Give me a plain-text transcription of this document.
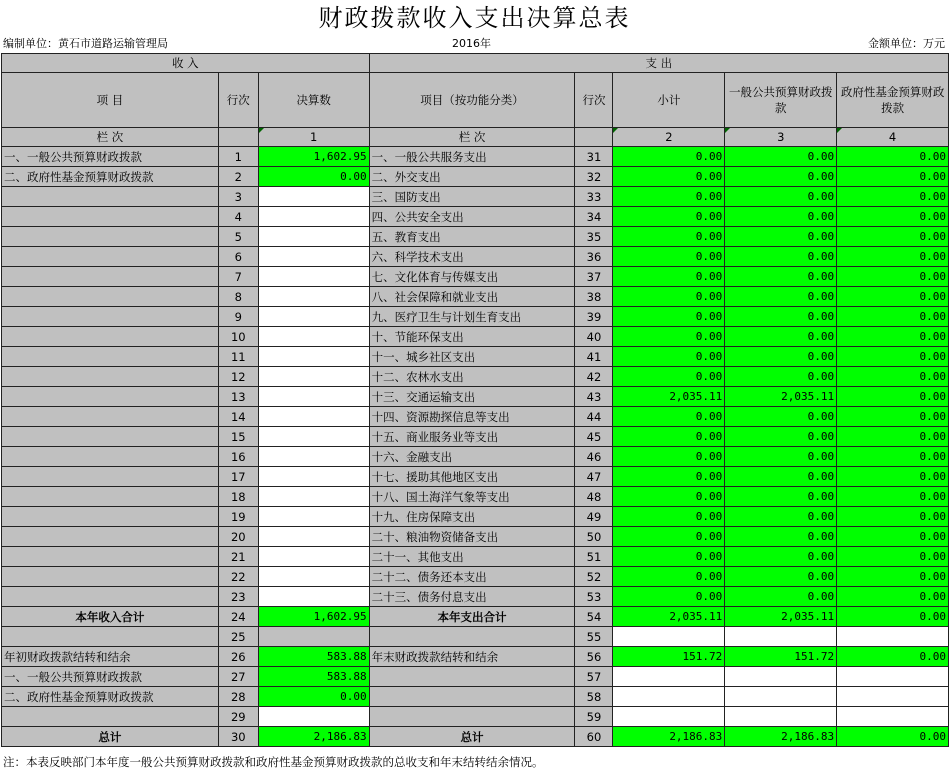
财政拨款收入支出决算总表
编制单位：黄石市道路运输管理局	2016年	金额单位：万元
收 入			支 出				
项 目	行次	决算数	项目（按功能分类）	行次	小计	一般公共预算财政拨款	政府性基金预算财政拨款
栏 次		1	栏 次		2	3	4
一、一般公共预算财政拨款	1	1,602.95	一、一般公共服务支出	31	0.00	0.00	0.00
二、政府性基金预算财政拨款	2	0.00	二、外交支出	32	0.00	0.00	0.00
	3		三、国防支出	33	0.00	0.00	0.00
	4		四、公共安全支出	34	0.00	0.00	0.00
	5		五、教育支出	35	0.00	0.00	0.00
	6		六、科学技术支出	36	0.00	0.00	0.00
	7		七、文化体育与传媒支出	37	0.00	0.00	0.00
	8		八、社会保障和就业支出	38	0.00	0.00	0.00
	9		九、医疗卫生与计划生育支出	39	0.00	0.00	0.00
	10		十、节能环保支出	40	0.00	0.00	0.00
	11		十一、城乡社区支出	41	0.00	0.00	0.00
	12		十二、农林水支出	42	0.00	0.00	0.00
	13		十三、交通运输支出	43	2,035.11	2,035.11	0.00
	14		十四、资源勘探信息等支出	44	0.00	0.00	0.00
	15		十五、商业服务业等支出	45	0.00	0.00	0.00
	16		十六、金融支出	46	0.00	0.00	0.00
	17		十七、援助其他地区支出	47	0.00	0.00	0.00
	18		十八、国土海洋气象等支出	48	0.00	0.00	0.00
	19		十九、住房保障支出	49	0.00	0.00	0.00
	20		二十、粮油物资储备支出	50	0.00	0.00	0.00
	21		二十一、其他支出	51	0.00	0.00	0.00
	22		二十二、债务还本支出	52	0.00	0.00	0.00
	23		二十三、债务付息支出	53	0.00	0.00	0.00
本年收入合计	24	1,602.95	本年支出合计	54	2,035.11	2,035.11	0.00
	25			55			
年初财政拨款结转和结余	26	583.88	年末财政拨款结转和结余	56	151.72	151.72	0.00
一、一般公共预算财政拨款	27	583.88		57			
二、政府性基金预算财政拨款	28	0.00		58			
	29			59			
总计	30	2,186.83	总计	60	2,186.83	2,186.83	0.00
注：本表反映部门本年度一般公共预算财政拨款和政府性基金预算财政拨款的总收支和年末结转结余情况。
